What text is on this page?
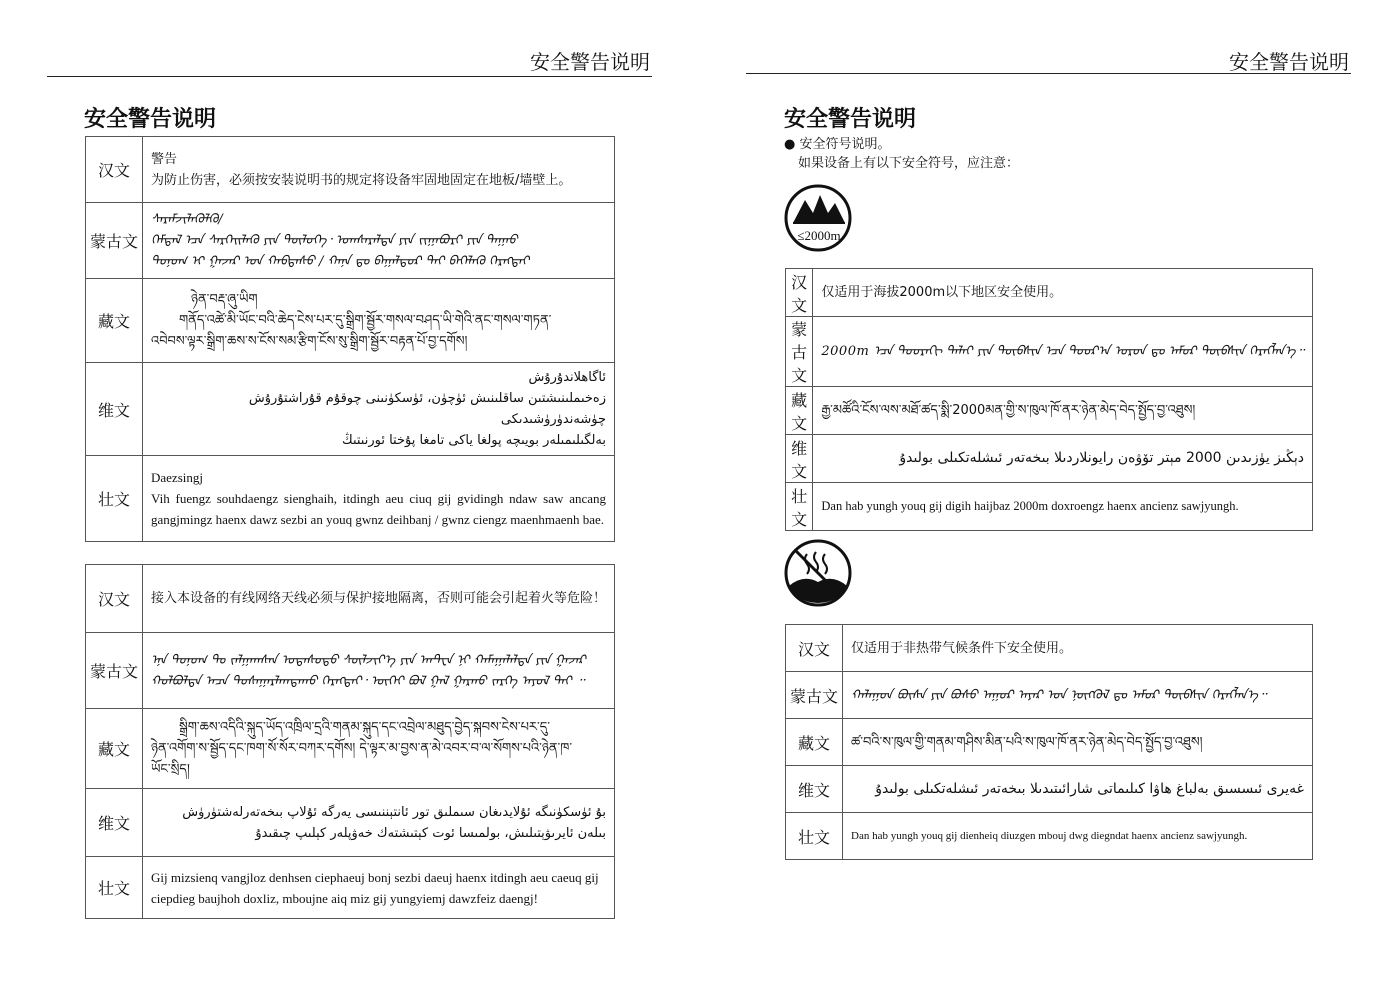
安全警告说明	安全警告说明
安全警告说明
汉文	警告
为防止伤害，必须按安装说明书的规定将设备牢固地固定在地板/墙壁上。

蒙古文	ᠰᠡᠷᠡᠮᠵᠢᠯᠡᠬᠦᠯᠬᠦ/
ᠭᠡᠮᠲᠡᠯ ᠡᠴᠡ ᠰᠡᠷᠭᠡᠢᠯᠡᠬᠦ ᠶᠢᠨ ᠲᠥᠯᠦᠭᠡ᠂ ᠤᠭᠰᠠᠷᠠᠯᠲᠠ ᠶᠢᠨ ᠵᠢᠭᠠᠪᠤᠷᠢ ᠶᠢᠨ ᠳᠠᠭᠠᠤ
ᠲᠤᠨᠤᠭ ᠢ ᠭᠠᠵᠠᠷ ᠤᠨ ᠬᠠᠪᠲᠠᠰᠤ / ᠬᠠᠨᠠ ᠳᠤ ᠪᠠᠭᠠᠯᠳᠤᠷ ᠲᠠᠢ ᠪᠡᠬᠡᠯᠡᠬᠦ ᠬᠡᠷᠡᠭᠲᠡᠢ

藏文	ཉེན་བརྡ་ཞུ་ཡིག
གནོད་འཚེ་མི་ཡོང་བའི་ཆེད་ངེས་པར་དུ་སྒྲིག་སྦྱོར་གསལ་བཤད་ཡི་གེའི་ནང་གསལ་གཏན་
འབེབས་ལྟར་སྒྲིག་ཆས་ས་ངོས་སམ་རྩིག་ངོས་སུ་སྒྲིག་སྦྱོར་བརྟན་པོ་བྱ་དགོས།

维文	ئاگاھلاندۇرۇش
زەخىملىنىشتىن ساقلىنىش ئۈچۈن، ئۈسكۈنىنى چوقۇم قۇراشتۇرۇش چۈشەندۈرۈشىدىكى
بەلگىلىمىلەر بويىچە پولغا ياكى تامغا پۇختا ئورنىتىڭ

壮文	Daezsingj
Vih fuengz souhdaengz sienghaih, itdingh aeu ciuq gij gvidingh ndaw saw ancang gangjmingz haenx dawz sezbi an youq gwnz deihbanj / gwnz ciengz maenhmaenh bae.
汉文	接入本设备的有线网络天线必须与保护接地隔离，否则可能会引起着火等危险！
蒙古文	ᠡᠨᠡ ᠲᠣᠨᠣᠭ ᠲᠤ ᠵᠠᠯᠭᠠᠭᠰᠠᠨ ᠤᠲᠠᠰᠤᠲᠤ ᠰᠦᠯᠵᠢᠶ᠎ᠡ ᠶᠢᠨ ᠠᠨᠲ᠋ᠧᠨ ᠨᠢ ᠬᠠᠮᠠᠭᠠᠯᠠᠯᠲᠠ ᠶᠢᠨ ᠭᠠᠵᠠᠷ
ᠬᠣᠯᠪᠣᠯᠲᠠ ᠠᠴᠠ ᠲᠤᠰᠠᠭᠠᠷᠯᠠᠭᠳᠠᠬᠤ ᠬᠡᠷᠡᠭᠲᠡᠢ᠂ ᠦᠭᠡᠢ ᠪᠣᠯ ᠭᠠᠯ ᠭᠠᠷᠬᠤ ᠵᠡᠷᠭᠡ ᠠᠶᠤᠯ ᠲᠠᠢ ᠃

藏文	སྒྲིག་ཆས་འདིའི་སྐུད་ཡོད་འཁྲིལ་དྲའི་གནམ་སྐུད་དང་འབྲེལ་མཐུད་བྱེད་སྐབས་ངེས་པར་དུ་
ཉེན་འགོག་ས་སྦྱོད་དང་ཁག་སོ་སོར་བཀར་དགོས། དེ་ལྟར་མ་བྱས་ན་མེ་འབར་བ་ལ་སོགས་པའི་ཉེན་ཁ་
ཡོང་སྲིད།

维文	بۇ ئۈسكۈنىگە ئۇلايدىغان سىملىق تور ئانتېننىسى يەرگە ئۇلاپ بىخەتەرلەشتۈرۈش
بىلەن ئايرىۋېتىلىش، بولمىسا ئوت كېتىشتەك خەۋپلەر كېلىپ چىقىدۇ

壮文	Gij mizsienq vangjloz denhsen ciephaeuj bonj sezbi daeuj haenx itdingh aeu caeuq gij ciepdieg baujhoh doxliz, mboujne aiq miz gij yungyiemj dawzfeiz daengj!
安全警告说明
● 安全符号说明。
如果设备上有以下安全符号，应注意：
≤2000m
汉文	仅适用于海拔2000m以下地区安全使用。
蒙古文	2000m ᠡᠴᠡ ᠳᠣᠣᠷᠠᠬᠢ ᠳᠠᠯᠠᠢ ᠶᠢᠨ ᠲᠦᠪᠰᠢᠨ ᠡᠴᠡ ᠳᠣᠣᠷ᠎ᠠ ᠣᠷᠣᠨ ᠳᠤ ᠠᠮᠤᠷ ᠲᠦᠪᠰᠢᠨ ᠬᠡᠷᠡᠭᠯᠡᠨ᠎ᠡ᠃
藏文	རྒྱ་མཚོའི་ངོས་ལས་མཐོ་ཚད་སྨི་2000མན་གྱི་ས་ཁུལ་ཁོ་ནར་ཉེན་མེད་བེད་སྤྱོད་བྱ་འཐུས།
维文	دېڭىز يۈزىدىن 2000 مېتر تۆۋەن رايونلاردىلا بىخەتەر ئىشلەتكىلى بولىدۇ
壮文	Dan hab yungh youq gij digih haijbaz 2000m doxroengz haenx ancienz sawjyungh.
汉文	仅适用于非热带气候条件下安全使用。
蒙古文	ᠬᠠᠯᠠᠭᠤᠨ ᠪᠦᠰᠡ ᠶᠢᠨ ᠪᠤᠰᠤ ᠠᠭᠤᠷ ᠠᠶᠠᠷ ᠤᠨ ᠨᠥᠭᠬᠦᠯ ᠳᠤ ᠠᠮᠤᠷ ᠲᠦᠪᠰᠢᠨ ᠬᠡᠷᠡᠭᠯᠡᠨ᠎ᠡ᠃
藏文	ཚ་བའི་ས་ཁུལ་གྱི་གནམ་གཤིས་མིན་པའི་ས་ཁུལ་ཁོ་ནར་ཉེན་མེད་བེད་སྤྱོད་བྱ་འཐུས།
维文	غەيرى ئىسسىق بەلباغ ھاۋا كىلىماتى شارائىتىدىلا بىخەتەر ئىشلەتكىلى بولىدۇ
壮文	Dan hab yungh youq gij dienheiq diuzgen mbouj dwg diegndat haenx ancienz sawjyungh.
